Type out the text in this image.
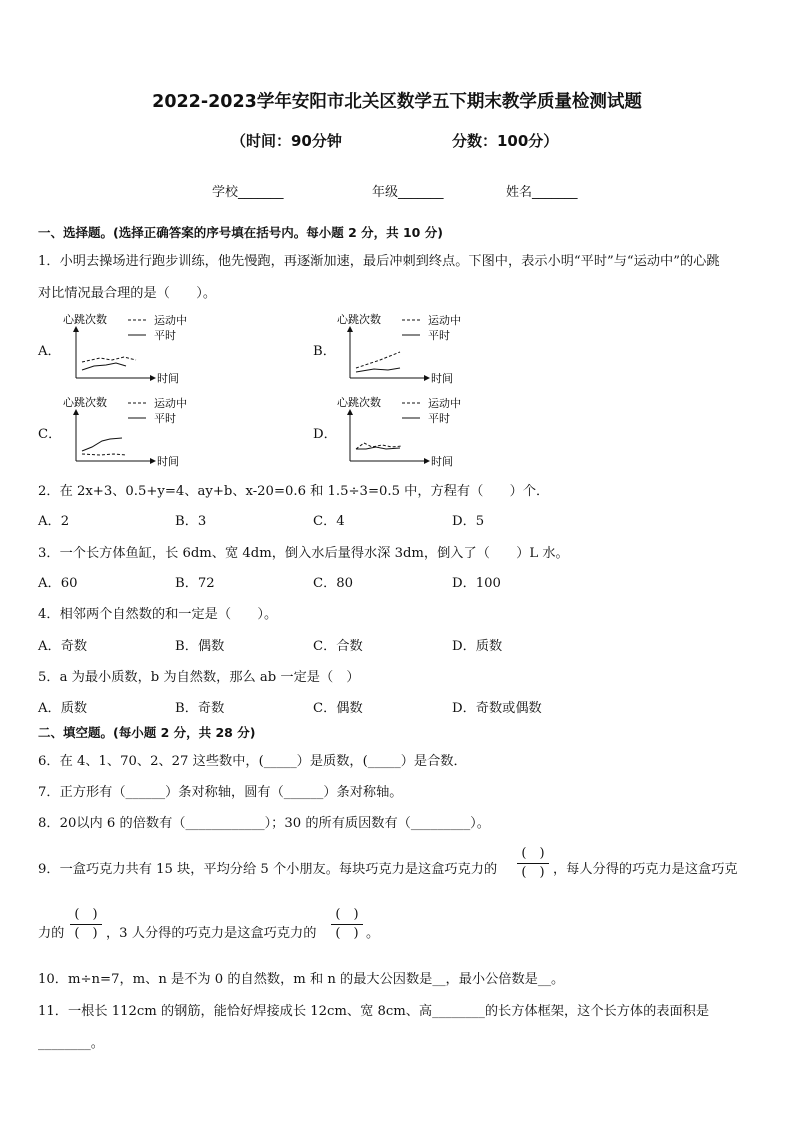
2022-2023学年安阳市北关区数学五下期末教学质量检测试题
（时间：90分钟	分数：100分）
学校_______	年级_______	姓名_______
一、选择题。(选择正确答案的序号填在括号内。每小题 2 分，共 10 分)
1．小明去操场进行跑步训练，他先慢跑，再逐渐加速，最后冲刺到终点。下图中，表示小明“平时”与“运动中”的心跳
对比情况最合理的是（　　）。
A．	B．
C．	D．
心跳次数	运动中
平时
时间
心跳次数	运动中
平时
时间
心跳次数	运动中
平时
时间
心跳次数	运动中
平时
时间
2．在 2x+3、0.5+y=4、ay+b、x-20=0.6 和 1.5÷3=0.5 中，方程有（　　）个．
A．2	B．3	C．4	D．5
3．一个长方体鱼缸，长 6dm、宽 4dm，倒入水后量得水深 3dm，倒入了（　　）L 水。
A．60	B．72	C．80	D．100
4．相邻两个自然数的和一定是（　　）。
A．奇数	B．偶数	C．合数	D．质数
5．a 为最小质数，b 为自然数，那么 ab 一定是（　）
A．质数	B．奇数	C．偶数	D．奇数或偶数
二、填空题。(每小题 2 分，共 28 分)
6．在 4、1、70、2、27 这些数中，(_____）是质数，(_____）是合数．
7．正方形有（______）条对称轴，圆有（______）条对称轴。
8．20以内 6 的倍数有（____________）；30 的所有质因数有（_________）。
9．一盒巧克力共有 15 块，平均分给 5 个小朋友。每块巧克力是这盒巧克力的
(　)
(　) ，每人分得的巧克力是这盒巧克
力的
(　)
(　) ，3 人分得的巧克力是这盒巧克力的
(　)
(　) 。
10．m÷n=7，m、n 是不为 0 的自然数，m 和 n 的最大公因数是__，最小公倍数是__。
11．一根长 112cm 的钢筋，能恰好焊接成长 12cm、宽 8cm、高________的长方体框架，这个长方体的表面积是
________。
